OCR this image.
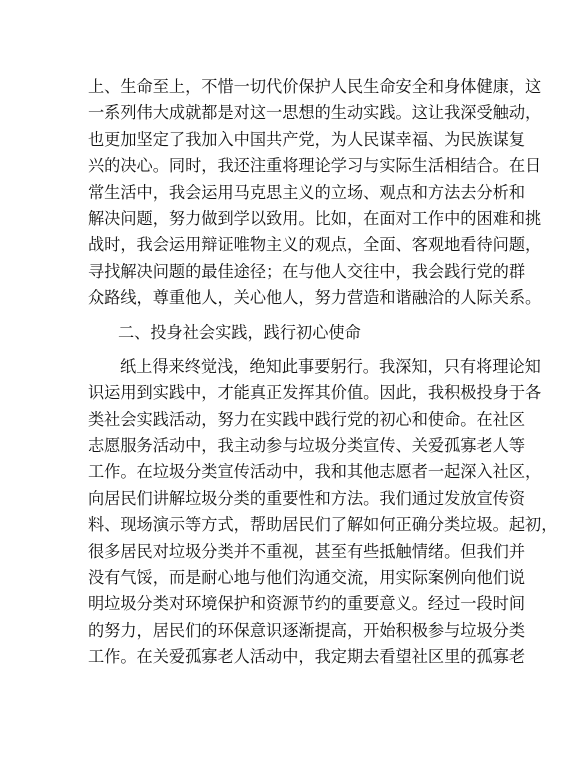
上、生命至上，不惜一切代价保护人民生命安全和身体健康，这
一系列伟大成就都是对这一思想的生动实践。这让我深受触动，
也更加坚定了我加入中国共产党，为人民谋幸福、为民族谋复
兴的决心。同时，我还注重将理论学习与实际生活相结合。在日
常生活中，我会运用马克思主义的立场、观点和方法去分析和
解决问题，努力做到学以致用。比如，在面对工作中的困难和挑
战时，我会运用辩证唯物主义的观点，全面、客观地看待问题，
寻找解决问题的最佳途径；在与他人交往中，我会践行党的群
众路线，尊重他人，关心他人，努力营造和谐融洽的人际关系。
二、投身社会实践，践行初心使命
纸上得来终觉浅，绝知此事要躬行。我深知，只有将理论知
识运用到实践中，才能真正发挥其价值。因此，我积极投身于各
类社会实践活动，努力在实践中践行党的初心和使命。在社区
志愿服务活动中，我主动参与垃圾分类宣传、关爱孤寡老人等
工作。在垃圾分类宣传活动中，我和其他志愿者一起深入社区，
向居民们讲解垃圾分类的重要性和方法。我们通过发放宣传资
料、现场演示等方式，帮助居民们了解如何正确分类垃圾。起初，
很多居民对垃圾分类并不重视，甚至有些抵触情绪。但我们并
没有气馁，而是耐心地与他们沟通交流，用实际案例向他们说
明垃圾分类对环境保护和资源节约的重要意义。经过一段时间
的努力，居民们的环保意识逐渐提高，开始积极参与垃圾分类
工作。在关爱孤寡老人活动中，我定期去看望社区里的孤寡老
